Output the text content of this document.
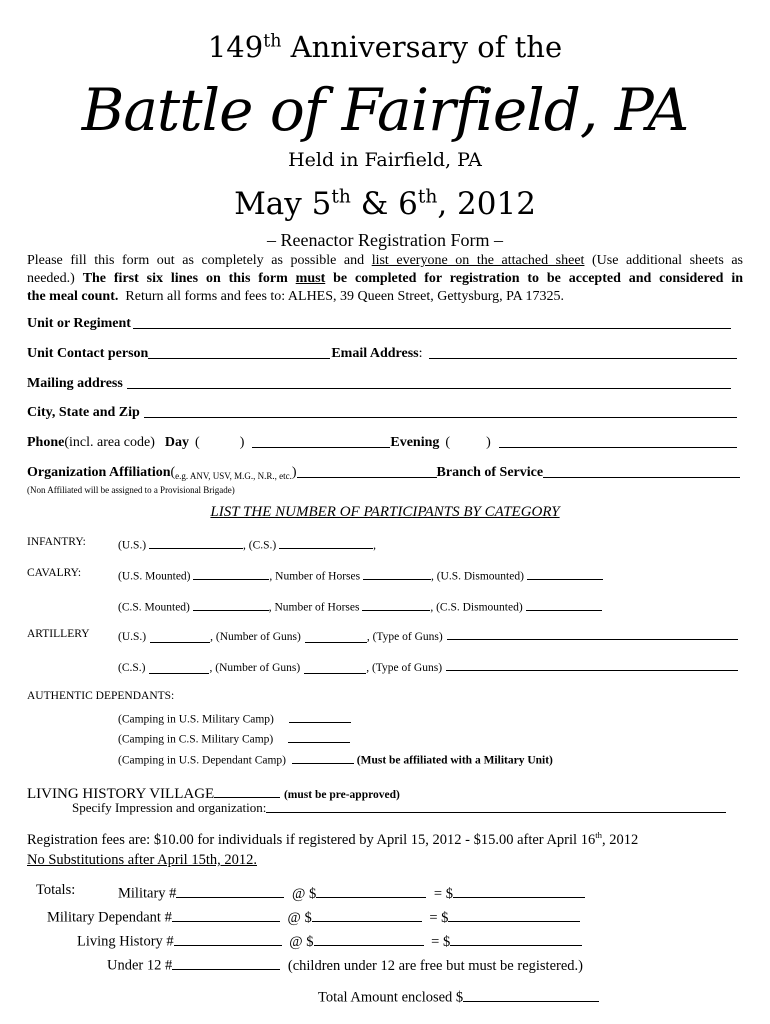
149th Anniversary of the
Battle of Fairfield, PA
Held in Fairfield, PA
May 5th & 6th, 2012
– Reenactor Registration Form –
Please fill this form out as completely as possible and list everyone on the attached sheet (Use additional sheets as
needed.) The first six lines on this form must be completed for registration to be accepted and considered in
the meal count. Return all forms and fees to: ALHES, 39 Queen Street, Gettysburg, PA 17325.
Unit or Regiment
Unit Contact person	Email Address :
Mailing address
City, State and Zip
Phone (incl. area code) Day (	)	Evening (	)
Organization Affiliation ( e.g. ANV, USV, M.G., N.R., etc. )	Branch of Service
(Non Affiliated will be assigned to a Provisional Brigade)
LIST THE NUMBER OF PARTICIPANTS BY CATEGORY
INFANTRY:	(U.S.)	, (C.S.)	,
CAVALRY:	(U.S. Mounted)	, Number of Horses	, (U.S. Dismounted)
(C.S. Mounted)	, Number of Horses	, (C.S. Dismounted)
ARTILLERY (U.S.)	, (Number of Guns)	, (Type of Guns)
(C.S.)	, (Number of Guns)	, (Type of Guns)
AUTHENTIC DEPENDANTS:
(Camping in U.S. Military Camp)
(Camping in C.S. Military Camp)
(Camping in U.S. Dependant Camp)	(Must be affiliated with a Military Unit)
LIVING HISTORY VILLAGE	(must be pre-approved)
Specify Impression and organization:
Registration fees are: $10.00 for individuals if registered by April 15, 2012 - $15.00 after April 16th, 2012
No Substitutions after April 15th, 2012.
Totals:	Military #	@ $	= $
Military Dependant #	@ $	= $
Living History #	@ $	= $
Under 12 #	(children under 12 are free but must be registered.)
Total Amount enclosed $
